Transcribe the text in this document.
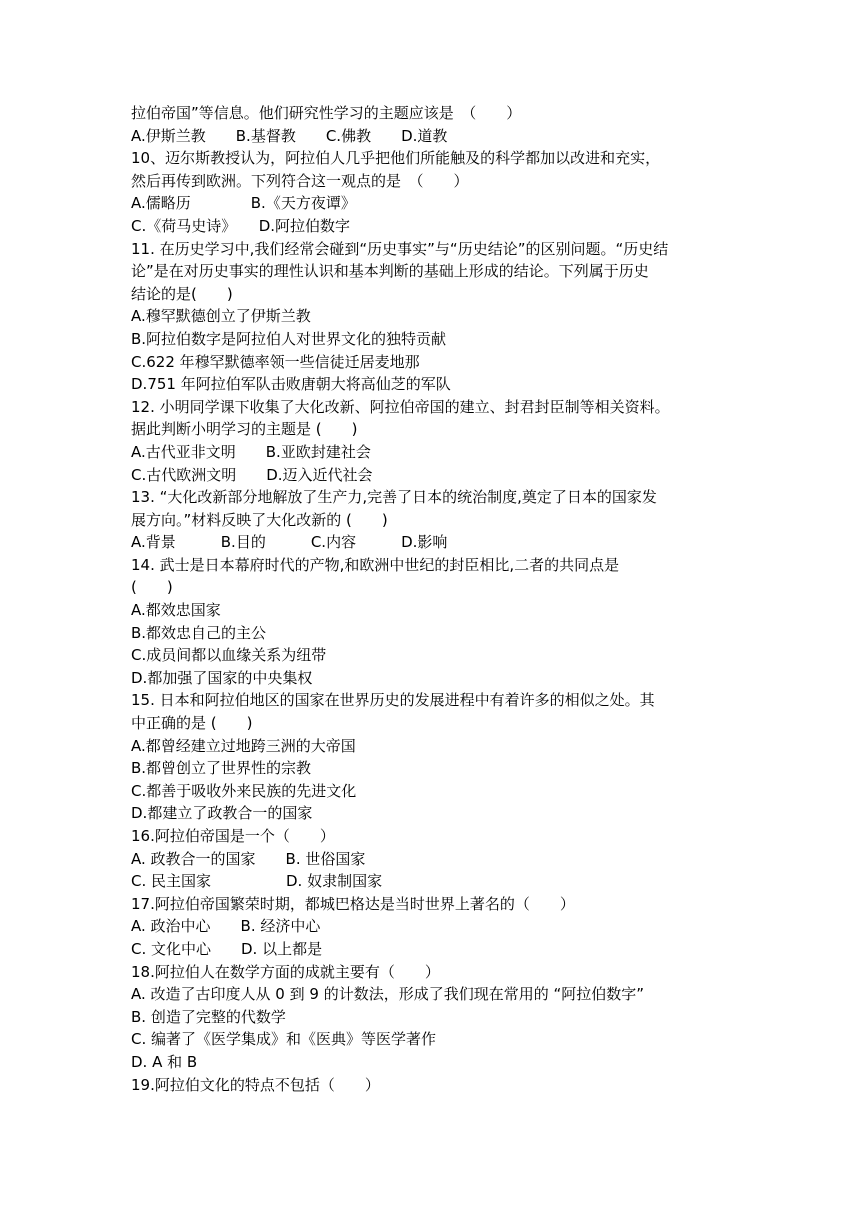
拉伯帝国”等信息。他们研究性学习的主题应该是　（　　）
A.伊斯兰教　　B.基督教　　C.佛教　　D.道教
10、迈尔斯教授认为，阿拉伯人几乎把他们所能触及的科学都加以改进和充实，
然后再传到欧洲。下列符合这一观点的是　（　　）
A.儒略历　　　　B.《天方夜谭》
C.《荷马史诗》　　D.阿拉伯数字
11. 在历史学习中,我们经常会碰到“历史事实”与“历史结论”的区别问题。“历史结
论”是在对历史事实的理性认识和基本判断的基础上形成的结论。下列属于历史
结论的是(　　)
A.穆罕默德创立了伊斯兰教
B.阿拉伯数字是阿拉伯人对世界文化的独特贡献
C.622 年穆罕默德率领一些信徒迁居麦地那
D.751 年阿拉伯军队击败唐朝大将高仙芝的军队
12. 小明同学课下收集了大化改新、阿拉伯帝国的建立、封君封臣制等相关资料。
据此判断小明学习的主题是 (　　)
A.古代亚非文明　　B.亚欧封建社会
C.古代欧洲文明　　D.迈入近代社会
13. “大化改新部分地解放了生产力,完善了日本的统治制度,奠定了日本的国家发
展方向。”材料反映了大化改新的 (　　)
A.背景　　　B.目的　　　C.内容　　　D.影响
14. 武士是日本幕府时代的产物,和欧洲中世纪的封臣相比,二者的共同点是
(　　)
A.都效忠国家
B.都效忠自己的主公
C.成员间都以血缘关系为纽带
D.都加强了国家的中央集权
15. 日本和阿拉伯地区的国家在世界历史的发展进程中有着许多的相似之处。其
中正确的是 (　　)
A.都曾经建立过地跨三洲的大帝国
B.都曾创立了世界性的宗教
C.都善于吸收外来民族的先进文化
D.都建立了政教合一的国家
16.阿拉伯帝国是一个（　　）
A. 政教合一的国家　　B. 世俗国家
C. 民主国家　　　　　D. 奴隶制国家
17.阿拉伯帝国繁荣时期，都城巴格达是当时世界上著名的（　　）
A. 政治中心　　B. 经济中心
C. 文化中心　　D. 以上都是
18.阿拉伯人在数学方面的成就主要有（　　）
A. 改造了古印度人从 0 到 9 的计数法，形成了我们现在常用的 “阿拉伯数字”
B. 创造了完整的代数学
C. 编著了《医学集成》和《医典》等医学著作
D. A 和 B
19.阿拉伯文化的特点不包括（　　）
